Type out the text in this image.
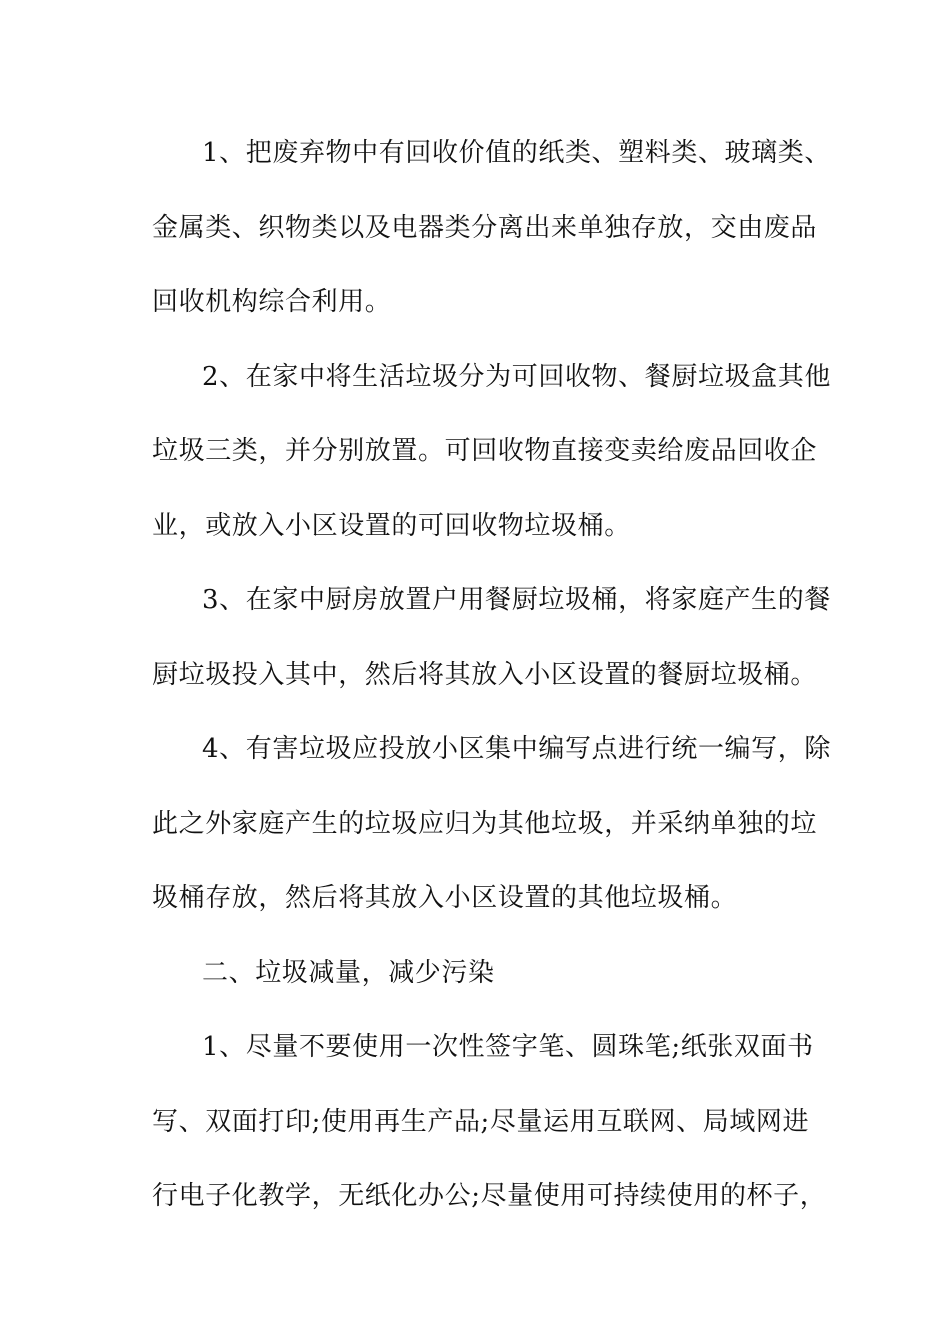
1、把废弃物中有回收价值的纸类、塑料类、玻璃类、
金属类、织物类以及电器类分离出来单独存放，交由废品
回收机构综合利用。

2、在家中将生活垃圾分为可回收物、餐厨垃圾盒其他
垃圾三类，并分别放置。可回收物直接变卖给废品回收企
业，或放入小区设置的可回收物垃圾桶。

3、在家中厨房放置户用餐厨垃圾桶，将家庭产生的餐
厨垃圾投入其中，然后将其放入小区设置的餐厨垃圾桶。

4、有害垃圾应投放小区集中编写点进行统一编写，除
此之外家庭产生的垃圾应归为其他垃圾，并采纳单独的垃
圾桶存放，然后将其放入小区设置的其他垃圾桶。

二、垃圾减量，减少污染

1、尽量不要使用一次性签字笔、圆珠笔;纸张双面书
写、双面打印;使用再生产品;尽量运用互联网、局域网进
行电子化教学，无纸化办公;尽量使用可持续使用的杯子，
